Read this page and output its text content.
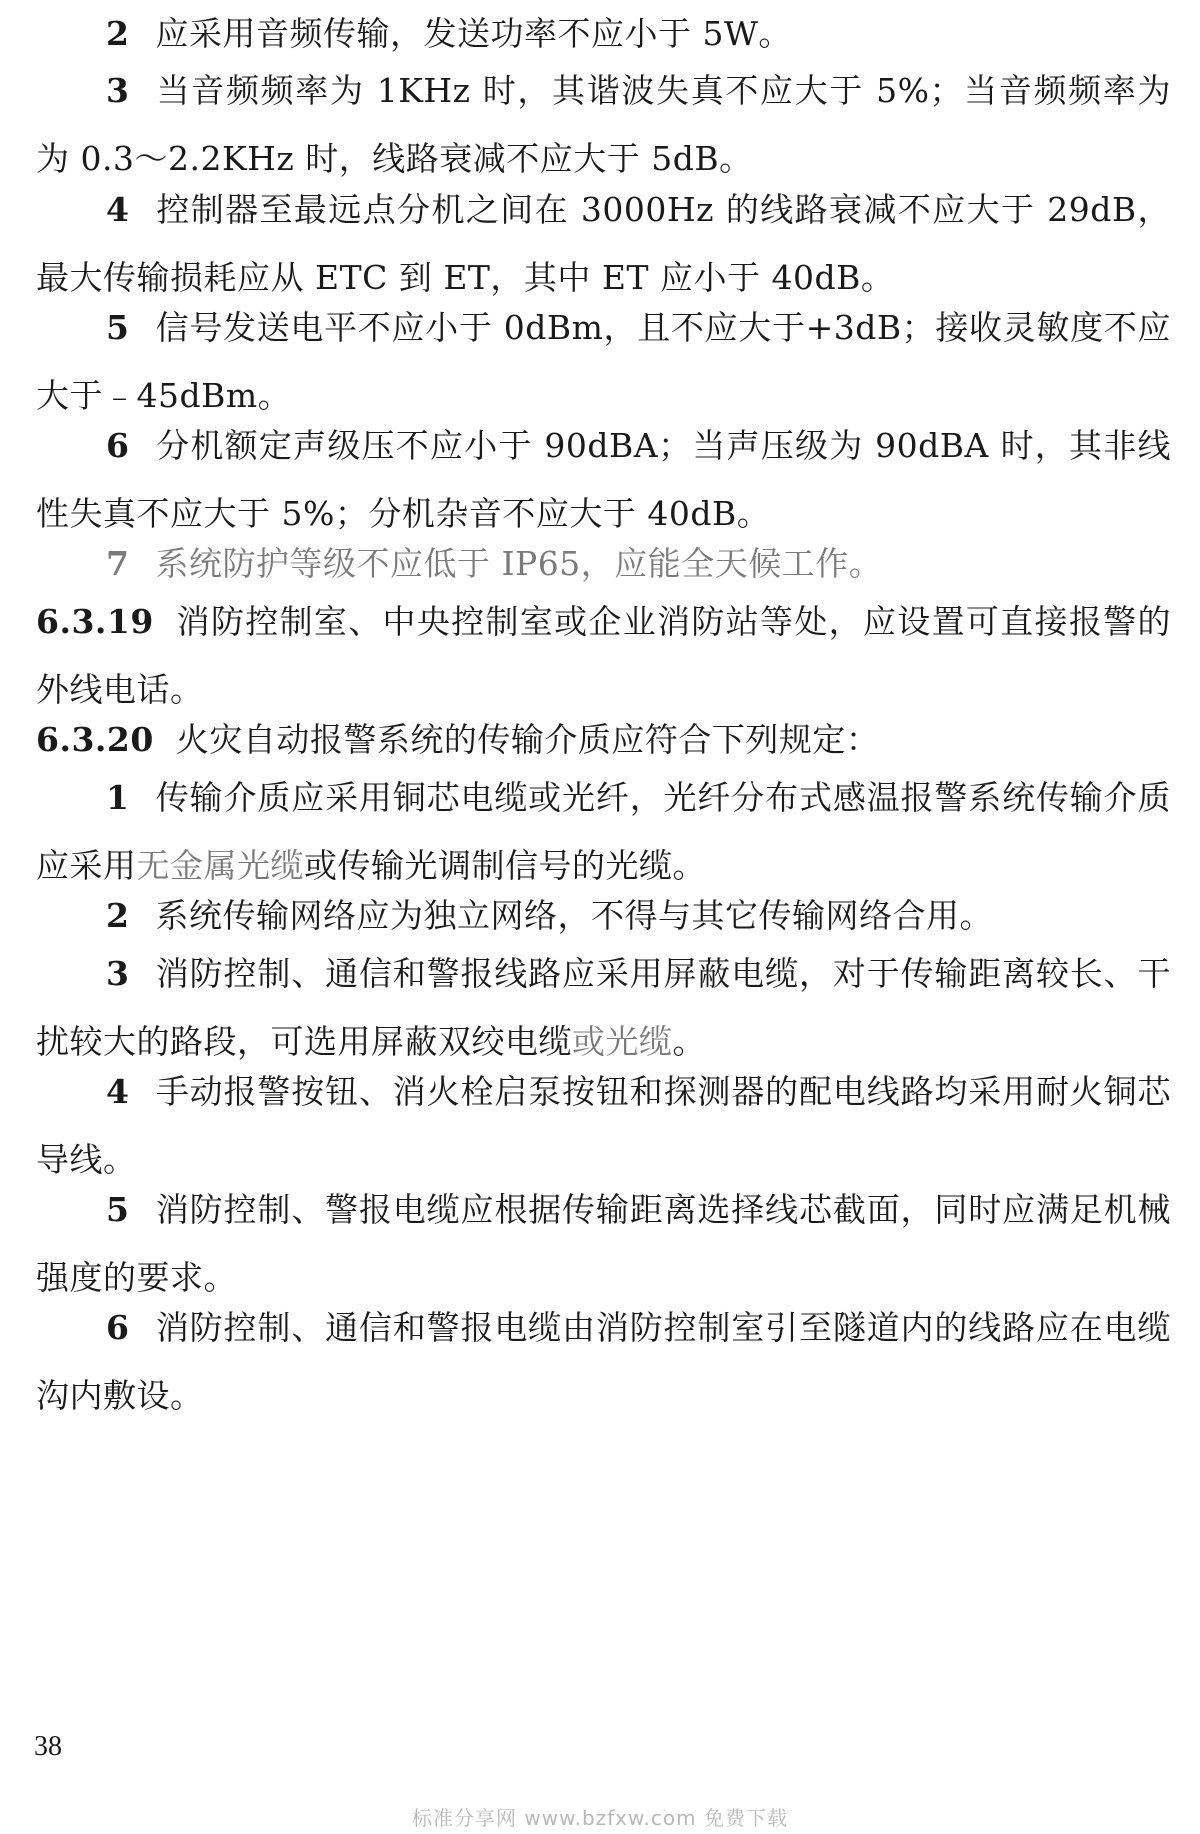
2 应采用音频传输，发送功率不应小于 5W。

3 当音频频率为 1KHz 时，其谐波失真不应大于 5%；当音频频率为为 0.3～2.2KHz 时，线路衰减不应大于 5dB。

4 控制器至最远点分机之间在 3000Hz 的线路衰减不应大于 29dB，最大传输损耗应从 ETC 到 ET，其中 ET 应小于 40dB。

5 信号发送电平不应小于 0dBm，且不应大于+3dB；接收灵敏度不应大于﹣45dBm。

6 分机额定声级压不应小于 90dBA；当声压级为 90dBA 时，其非线性失真不应大于 5%；分机杂音不应大于 40dB。

7 系统防护等级不应低于 IP65，应能全天候工作。

6.3.19 消防控制室、中央控制室或企业消防站等处，应设置可直接报警的外线电话。

6.3.20 火灾自动报警系统的传输介质应符合下列规定：

1 传输介质应采用铜芯电缆或光纤，光纤分布式感温报警系统传输介质应采用无金属光缆或传输光调制信号的光缆。

2 系统传输网络应为独立网络，不得与其它传输网络合用。

3 消防控制、通信和警报线路应采用屏蔽电缆，对于传输距离较长、干扰较大的路段，可选用屏蔽双绞电缆或光缆。

4 手动报警按钮、消火栓启泵按钮和探测器的配电线路均采用耐火铜芯导线。

5 消防控制、警报电缆应根据传输距离选择线芯截面，同时应满足机械强度的要求。

6 消防控制、通信和警报电缆由消防控制室引至隧道内的线路应在电缆沟内敷设。

38
标准分享网 www.bzfxw.com 免费下载
